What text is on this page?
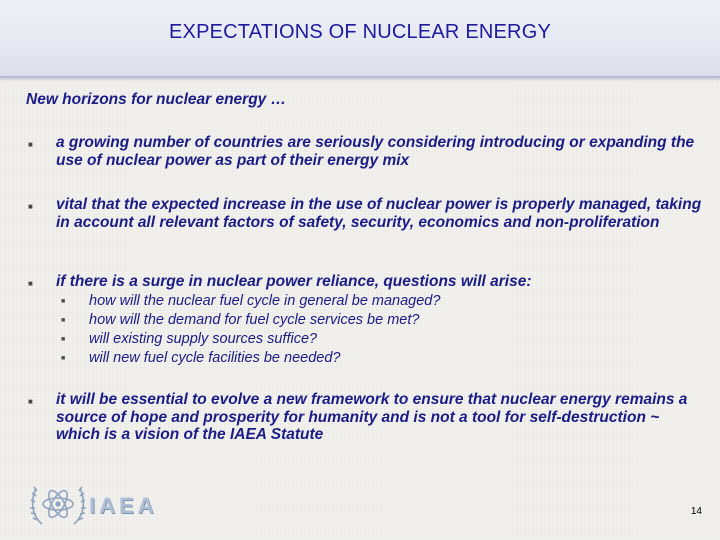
EXPECTATIONS OF NUCLEAR ENERGY
New horizons for nuclear energy …
■ a growing number of countries are seriously considering introducing or expanding the use of nuclear power as part of their energy mix
■ vital that the expected increase in the use of nuclear power is properly managed, taking in account all relevant factors of safety, security, economics and non-proliferation
■ if there is a surge in nuclear power reliance, questions will arise:
■ how will the nuclear fuel cycle in general be managed?
■ how will the demand for fuel cycle services be met?
■ will existing supply sources suffice?
■ will new fuel cycle facilities be needed?
■ it will be essential to evolve a new framework to ensure that nuclear energy remains a source of hope and prosperity for humanity and is not a tool for self-destruction ~ which is a vision of the IAEA Statute
IAEA	14
